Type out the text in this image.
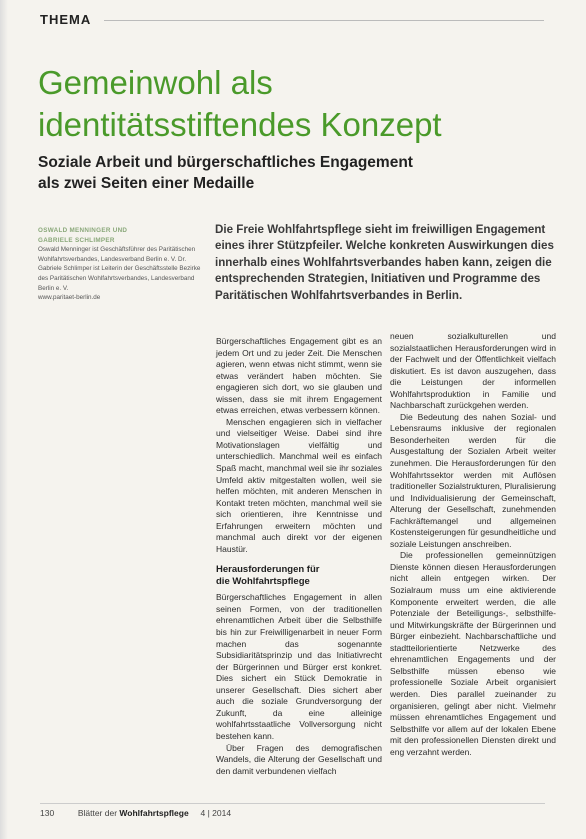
THEMA
Gemeinwohl als
identitätsstiftendes Konzept
Soziale Arbeit und bürgerschaftliches Engagement
als zwei Seiten einer Medaille
OSWALD MENNINGER UND
GABRIELE SCHLIMPER
Oswald Menninger ist Geschäftsführer des Paritätischen Wohlfahrtsverbandes, Landesverband Berlin e. V. Dr. Gabriele Schlimper ist Leiterin der Geschäftsstelle Bezirke des Paritätischen Wohlfahrtsverbandes, Landesverband Berlin e. V.
www.paritaet-berlin.de

Die Freie Wohlfahrtspflege sieht im freiwilligen Engagement eines ihrer Stützpfeiler. Welche konkreten Auswirkungen dies innerhalb eines Wohlfahrtsverbandes haben kann, zeigen die entsprechenden Strategien, Initiativen und Programme des Paritätischen Wohlfahrtsverbandes in Berlin.

Bürgerschaftliches Engagement gibt es an jedem Ort und zu jeder Zeit. Die Menschen agieren, wenn etwas nicht stimmt, wenn sie etwas verändert haben möchten. Sie engagieren sich dort, wo sie glauben und wissen, dass sie mit ihrem Engagement etwas erreichen, etwas verbessern können.

Menschen engagieren sich in vielfacher und vielseitiger Weise. Dabei sind ihre Motivationslagen vielfältig und unterschiedlich. Manchmal weil es einfach Spaß macht, manchmal weil sie ihr soziales Umfeld aktiv mitgestalten wollen, weil sie helfen möchten, mit anderen Menschen in Kontakt treten möchten, manchmal weil sie sich orientieren, ihre Kenntnisse und Erfahrungen erweitern möchten und manchmal auch direkt vor der eigenen Haustür.

Herausforderungen für
die Wohlfahrtspflege

Bürgerschaftliches Engagement in allen seinen Formen, von der traditionellen ehrenamtlichen Arbeit über die Selbsthilfe bis hin zur Freiwilligenarbeit in neuer Form machen das sogenannte Subsidiaritätsprinzip und das Initiativrecht der Bürgerinnen und Bürger erst konkret. Dies sichert ein Stück Demokratie in unserer Gesellschaft. Dies sichert aber auch die soziale Grundversorgung der Zukunft, da eine alleinige wohlfahrtsstaatliche Vollversorgung nicht bestehen kann.

Über Fragen des demografischen Wandels, die Alterung der Gesellschaft und den damit verbundenen vielfach

neuen sozialkulturellen und sozialstaatlichen Herausforderungen wird in der Fachwelt und der Öffentlichkeit vielfach diskutiert. Es ist davon auszugehen, dass die Leistungen der informellen Wohlfahrtsproduktion in Familie und Nachbarschaft zurückgehen werden.

Die Bedeutung des nahen Sozial- und Lebensraums inklusive der regionalen Besonderheiten werden für die Ausgestaltung der Sozialen Arbeit weiter zunehmen. Die Herausforderungen für den Wohlfahrtssektor werden mit Auflösen traditioneller Sozialstrukturen, Pluralisierung und Individualisierung der Gemeinschaft, Alterung der Gesellschaft, zunehmenden Fachkräftemangel und allgemeinen Kostensteigerungen für gesundheitliche und soziale Leistungen anschreiben.

Die professionellen gemeinnützigen Dienste können diesen Herausforderungen nicht allein entgegen wirken. Der Sozialraum muss um eine aktivierende Komponente erweitert werden, die alle Potenziale der Beteiligungs-, selbsthilfe- und Mitwirkungskräfte der Bürgerinnen und Bürger einbezieht. Nachbarschaftliche und stadtteilorientierte Netzwerke des ehrenamtlichen Engagements und der Selbsthilfe müssen ebenso wie professionelle Soziale Arbeit organisiert werden. Dies parallel zueinander zu organisieren, gelingt aber nicht. Vielmehr müssen ehrenamtliches Engagement und Selbsthilfe vor allem auf der lokalen Ebene mit den professionellen Diensten direkt und eng verzahnt werden.

130	Blätter der Wohlfahrtspflege 4 | 2014
